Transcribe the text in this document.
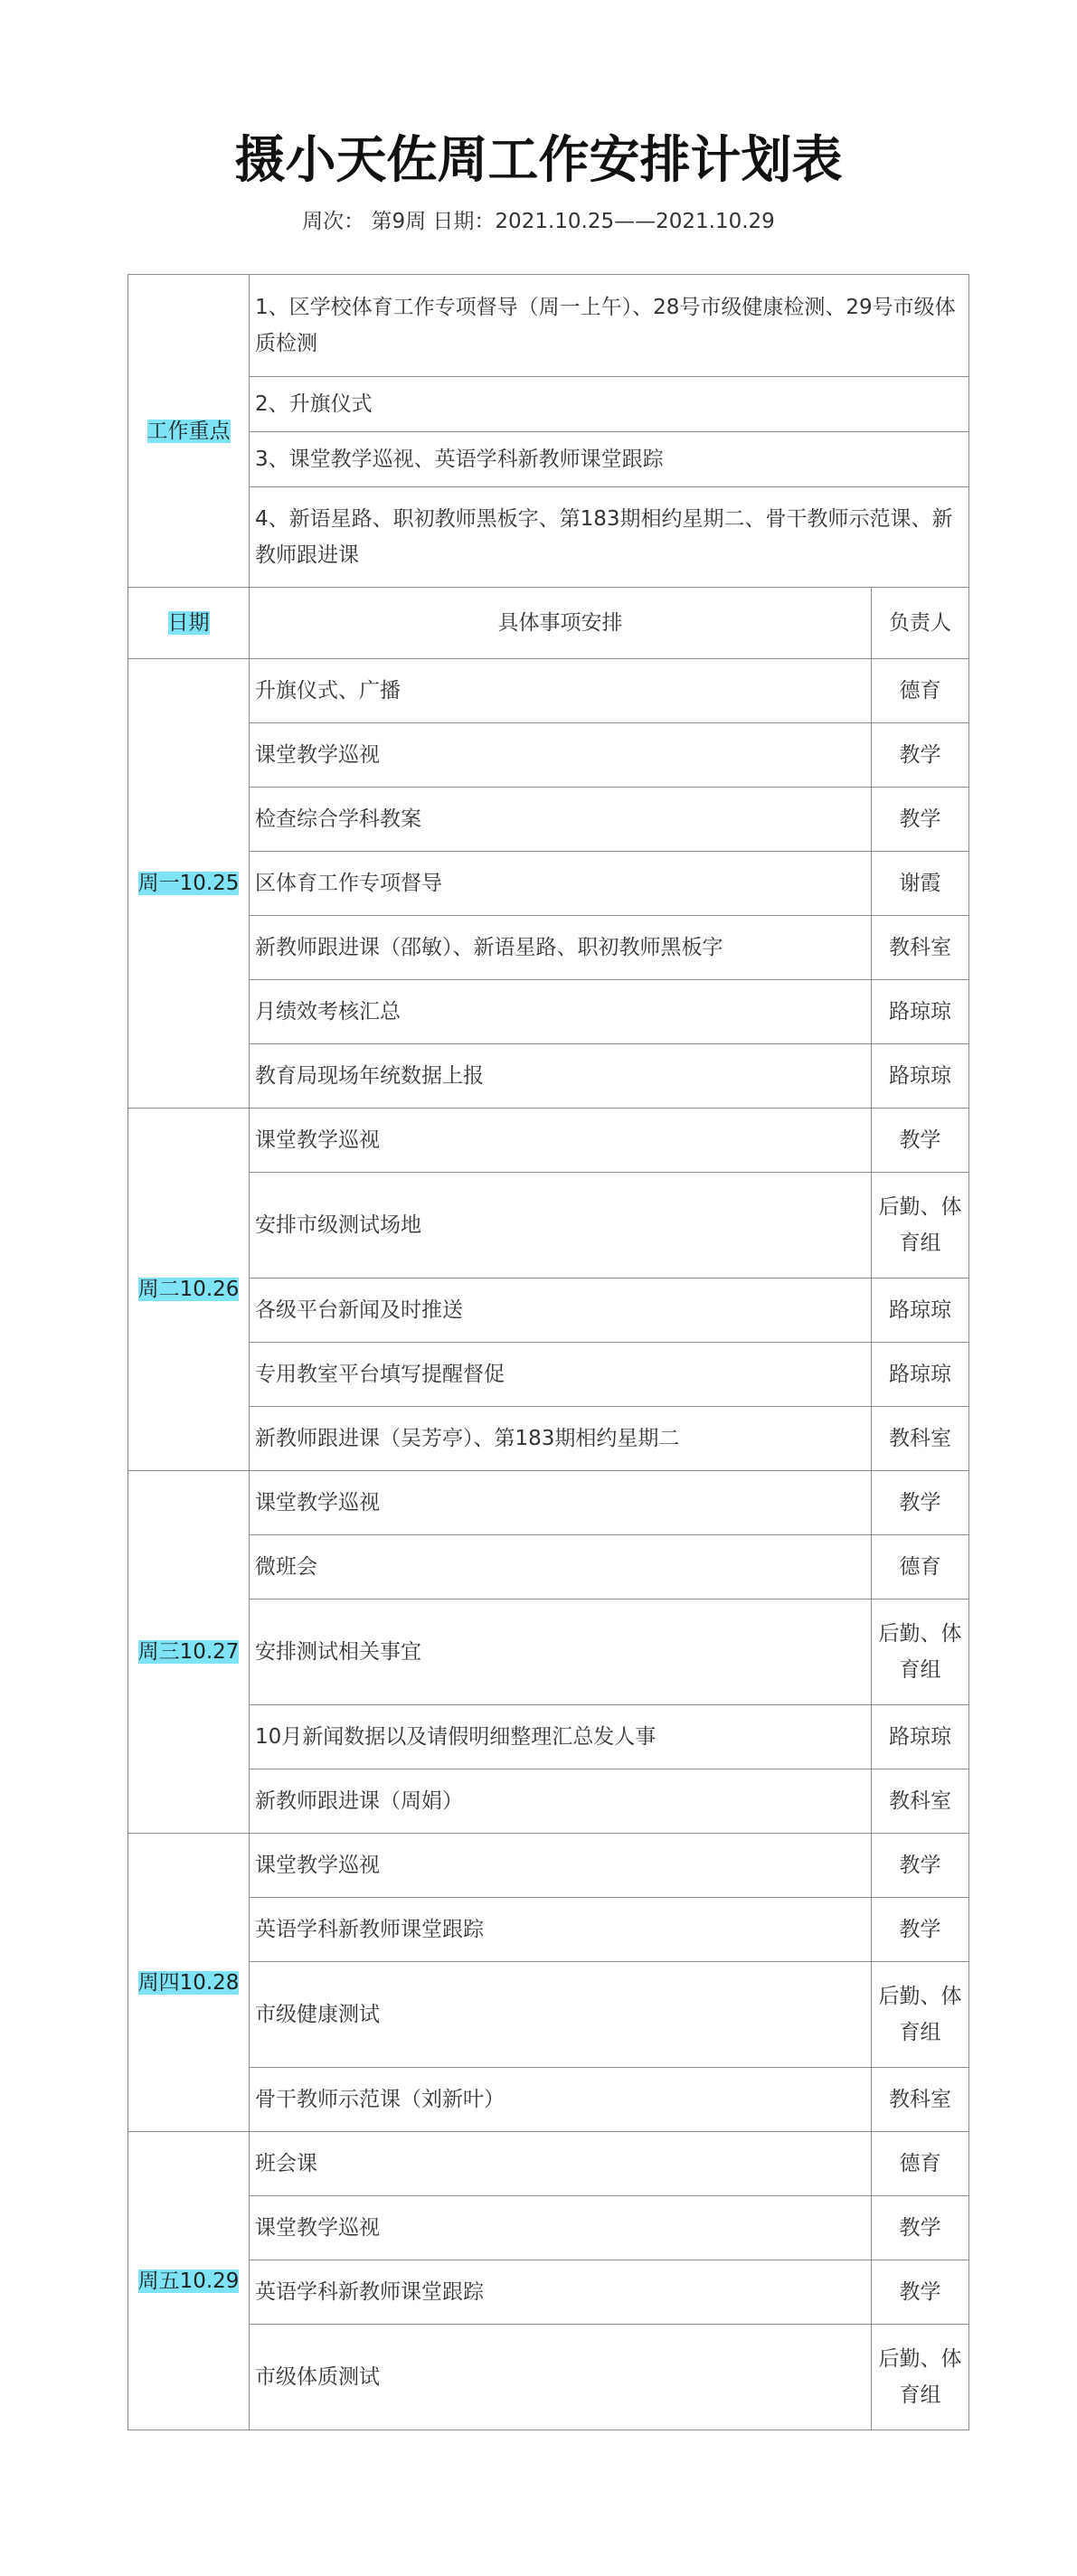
摄小天佐周工作安排计划表
周次： 第9周 日期：2021.10.25——2021.10.29
工作重点	1、区学校体育工作专项督导（周一上午）、28号市级健康检测、29号市级体质检测	
	2、升旗仪式	
	3、课堂教学巡视、英语学科新教师课堂跟踪	
	4、新语星路、职初教师黑板字、第183期相约星期二、骨干教师示范课、新教师跟进课	
日期	具体事项安排	负责人
周一10.25	升旗仪式、广播	德育
	课堂教学巡视	教学
	检查综合学科教案	教学
	区体育工作专项督导	谢霞
	新教师跟进课（邵敏）、新语星路、职初教师黑板字	教科室
	月绩效考核汇总	路琼琼
	教育局现场年统数据上报	路琼琼
周二10.26	课堂教学巡视	教学
	安排市级测试场地	后勤、体育组
	各级平台新闻及时推送	路琼琼
	专用教室平台填写提醒督促	路琼琼
	新教师跟进课（吴芳亭）、第183期相约星期二	教科室
周三10.27	课堂教学巡视	教学
	微班会	德育
	安排测试相关事宜	后勤、体育组
	10月新闻数据以及请假明细整理汇总发人事	路琼琼
	新教师跟进课（周娟）	教科室
周四10.28	课堂教学巡视	教学
	英语学科新教师课堂跟踪	教学
	市级健康测试	后勤、体育组
	骨干教师示范课（刘新叶）	教科室
周五10.29	班会课	德育
	课堂教学巡视	教学
	英语学科新教师课堂跟踪	教学
	市级体质测试	后勤、体育组
